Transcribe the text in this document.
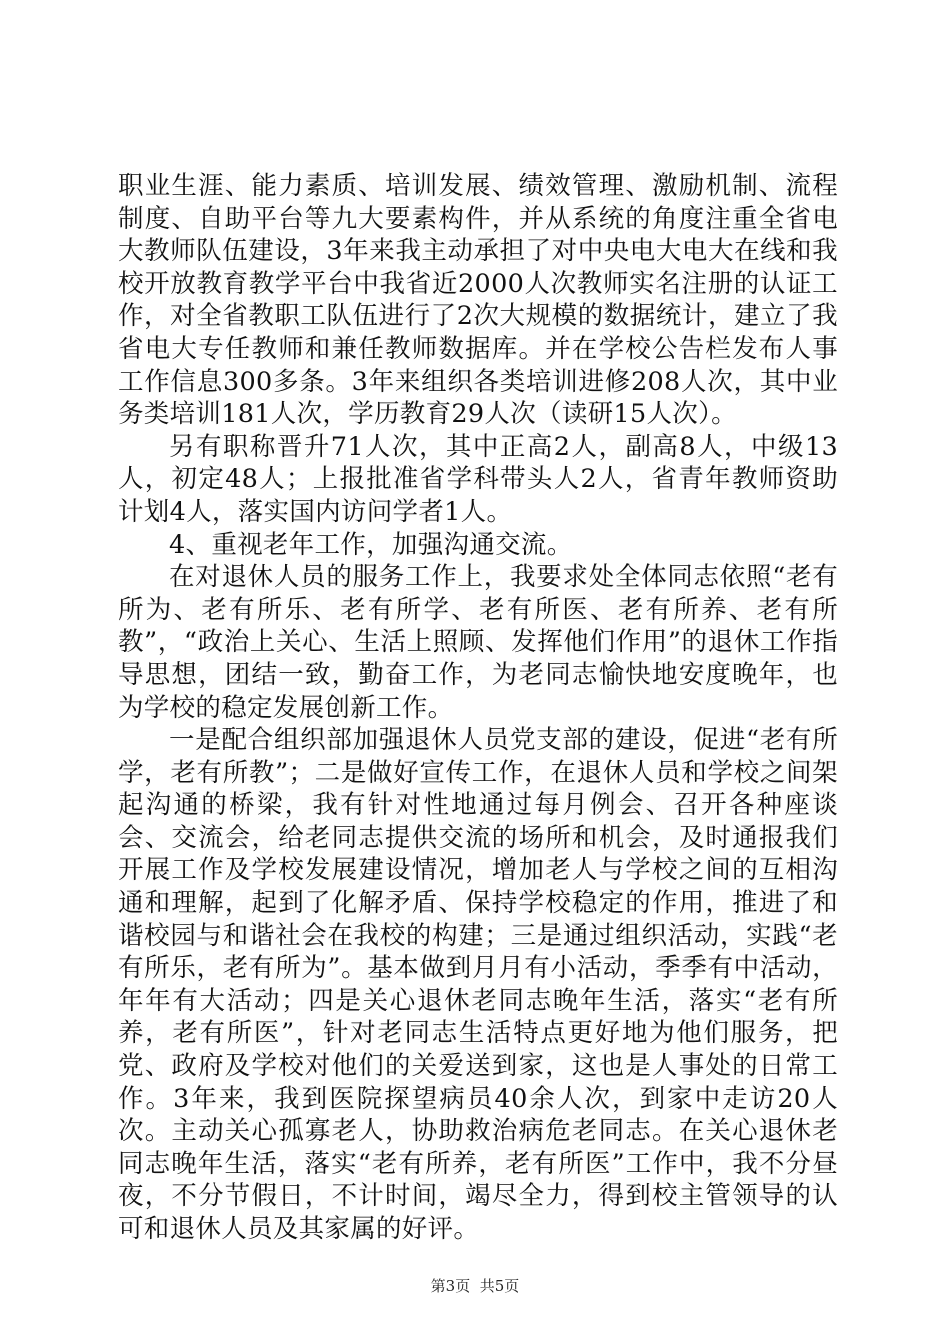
职业生涯、能力素质、培训发展、绩效管理、激励机制、流程制度、自助平台等九大要素构件，并从系统的角度注重全省电大教师队伍建设，3年来我主动承担了对中央电大电大在线和我校开放教育教学平台中我省近2000人次教师实名注册的认证工作，对全省教职工队伍进行了2次大规模的数据统计，建立了我省电大专任教师和兼任教师数据库。并在学校公告栏发布人事工作信息300多条。3年来组织各类培训进修208人次，其中业务类培训181人次，学历教育29人次（读研15人次）。

另有职称晋升71人次，其中正高2人，副高8人，中级13人，初定48人；上报批准省学科带头人2人，省青年教师资助计划4人，落实国内访问学者1人。

4、重视老年工作，加强沟通交流。

在对退休人员的服务工作上，我要求处全体同志依照“老有所为、老有所乐、老有所学、老有所医、老有所养、老有所教”，“政治上关心、生活上照顾、发挥他们作用”的退休工作指导思想，团结一致，勤奋工作，为老同志愉快地安度晚年，也为学校的稳定发展创新工作。

一是配合组织部加强退休人员党支部的建设，促进“老有所学，老有所教”；二是做好宣传工作，在退休人员和学校之间架起沟通的桥梁，我有针对性地通过每月例会、召开各种座谈会、交流会，给老同志提供交流的场所和机会，及时通报我们开展工作及学校发展建设情况，增加老人与学校之间的互相沟通和理解，起到了化解矛盾、保持学校稳定的作用，推进了和谐校园与和谐社会在我校的构建；三是通过组织活动，实践“老有所乐，老有所为”。基本做到月月有小活动，季季有中活动，年年有大活动；四是关心退休老同志晚年生活，落实“老有所养，老有所医”，针对老同志生活特点更好地为他们服务，把党、政府及学校对他们的关爱送到家，这也是人事处的日常工作。3年来，我到医院探望病员40余人次，到家中走访20人次。主动关心孤寡老人，协助救治病危老同志。在关心退休老同志晚年生活，落实“老有所养，老有所医”工作中，我不分昼夜，不分节假日，不计时间，竭尽全力，得到校主管领导的认可和退休人员及其家属的好评。

第3页 共5页
